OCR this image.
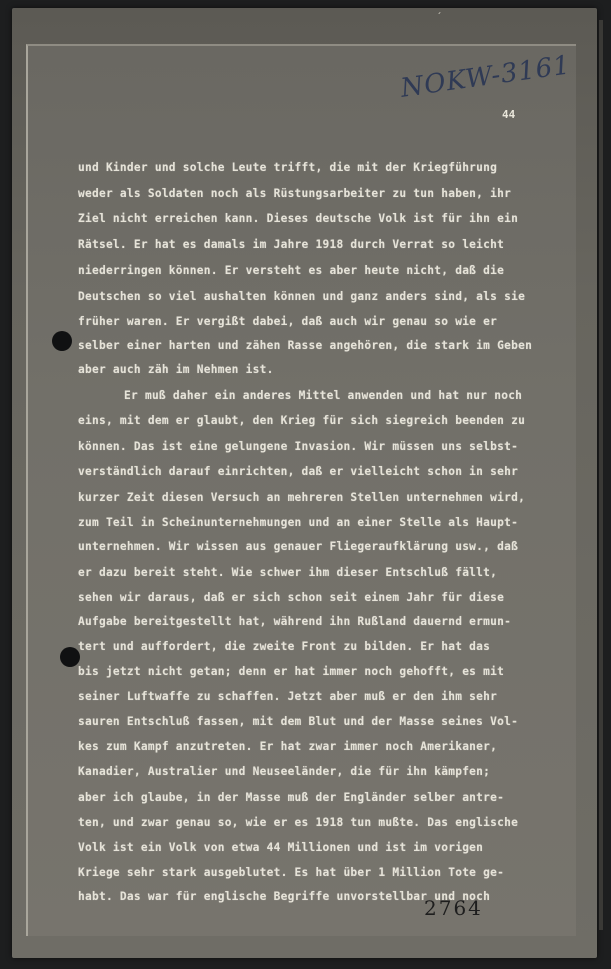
´
NOKW-3161
44
und Kinder und solche Leute trifft, die mit der Kriegführung
weder als Soldaten noch als Rüstungsarbeiter zu tun haben, ihr
Ziel nicht erreichen kann. Dieses deutsche Volk ist für ihn ein
Rätsel. Er hat es damals im Jahre 1918 durch Verrat so leicht
niederringen können. Er versteht es aber heute nicht, daß die
Deutschen so viel aushalten können und ganz anders sind, als sie
früher waren. Er vergißt dabei, daß auch wir genau so wie er
selber einer harten und zähen Rasse angehören, die stark im Geben
aber auch zäh im Nehmen ist.
Er muß daher ein anderes Mittel anwenden und hat nur noch
eins, mit dem er glaubt, den Krieg für sich siegreich beenden zu
können. Das ist eine gelungene Invasion. Wir müssen uns selbst-
verständlich darauf einrichten, daß er vielleicht schon in sehr
kurzer Zeit diesen Versuch an mehreren Stellen unternehmen wird,
zum Teil in Scheinunternehmungen und an einer Stelle als Haupt-
unternehmen. Wir wissen aus genauer Fliegeraufklärung usw., daß
er dazu bereit steht. Wie schwer ihm dieser Entschluß fällt,
sehen wir daraus, daß er sich schon seit einem Jahr für diese
Aufgabe bereitgestellt hat, während ihn Rußland dauernd ermun-
tert und auffordert, die zweite Front zu bilden. Er hat das
bis jetzt nicht getan; denn er hat immer noch gehofft, es mit
seiner Luftwaffe zu schaffen. Jetzt aber muß er den ihm sehr
sauren Entschluß fassen, mit dem Blut und der Masse seines Vol-
kes zum Kampf anzutreten. Er hat zwar immer noch Amerikaner,
Kanadier, Australier und Neuseeländer, die für ihn kämpfen;
aber ich glaube, in der Masse muß der Engländer selber antre-
ten, und zwar genau so, wie er es 1918 tun mußte. Das englische
Volk ist ein Volk von etwa 44 Millionen und ist im vorigen
Kriege sehr stark ausgeblutet. Es hat über 1 Million Tote ge-
habt. Das war für englische Begriffe unvorstellbar und noch
2764
